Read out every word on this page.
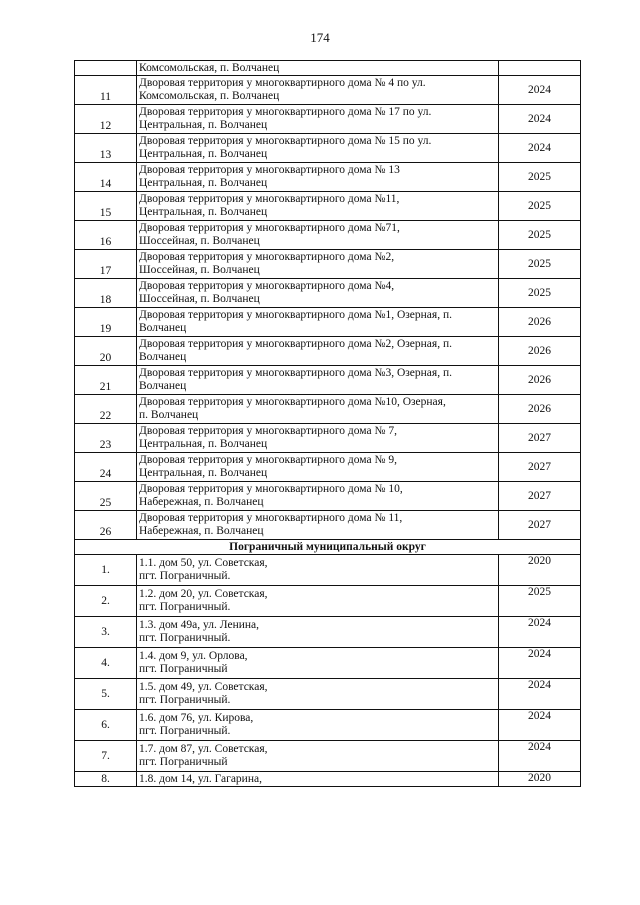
174
	Комсомольская, п. Волчанец	
11	Дворовая территория у многоквартирного дома № 4 по ул.
Комсомольская, п. Волчанец	2024
12	Дворовая территория у многоквартирного дома № 17 по ул.
Центральная, п. Волчанец	2024
13	Дворовая территория у многоквартирного дома № 15 по ул.
Центральная, п. Волчанец	2024
14	Дворовая территория у многоквартирного дома № 13
Центральная, п. Волчанец	2025
15	Дворовая территория у многоквартирного дома №11,
Центральная, п. Волчанец	2025
16	Дворовая территория у многоквартирного дома №71,
Шоссейная, п. Волчанец	2025
17	Дворовая территория у многоквартирного дома №2,
Шоссейная, п. Волчанец	2025
18	Дворовая территория у многоквартирного дома №4,
Шоссейная, п. Волчанец	2025
19	Дворовая территория у многоквартирного дома №1, Озерная, п.
Волчанец	2026
20	Дворовая территория у многоквартирного дома №2, Озерная, п.
Волчанец	2026
21	Дворовая территория у многоквартирного дома №3, Озерная, п.
Волчанец	2026
22	Дворовая территория у многоквартирного дома №10, Озерная,
п. Волчанец	2026
23	Дворовая территория у многоквартирного дома № 7,
Центральная, п. Волчанец	2027
24	Дворовая территория у многоквартирного дома № 9,
Центральная, п. Волчанец	2027
25	Дворовая территория у многоквартирного дома № 10,
Набережная, п. Волчанец	2027
26	Дворовая территория у многоквартирного дома № 11,
Набережная, п. Волчанец	2027
Пограничный муниципальный округ		
1.	1.1. дом 50, ул. Советская,
пгт. Пограничный.	2020
2.	1.2. дом 20, ул. Советская,
пгт. Пограничный.	2025
3.	1.3. дом 49а, ул. Ленина,
пгт. Пограничный.	2024
4.	1.4. дом 9, ул. Орлова,
пгт. Пограничный	2024
5.	1.5. дом 49, ул. Советская,
пгт. Пограничный.	2024
6.	1.6. дом 76, ул. Кирова,
пгт. Пограничный.	2024
7.	1.7. дом 87, ул. Советская,
пгт. Пограничный	2024
8.	1.8. дом 14, ул. Гагарина,	2020
